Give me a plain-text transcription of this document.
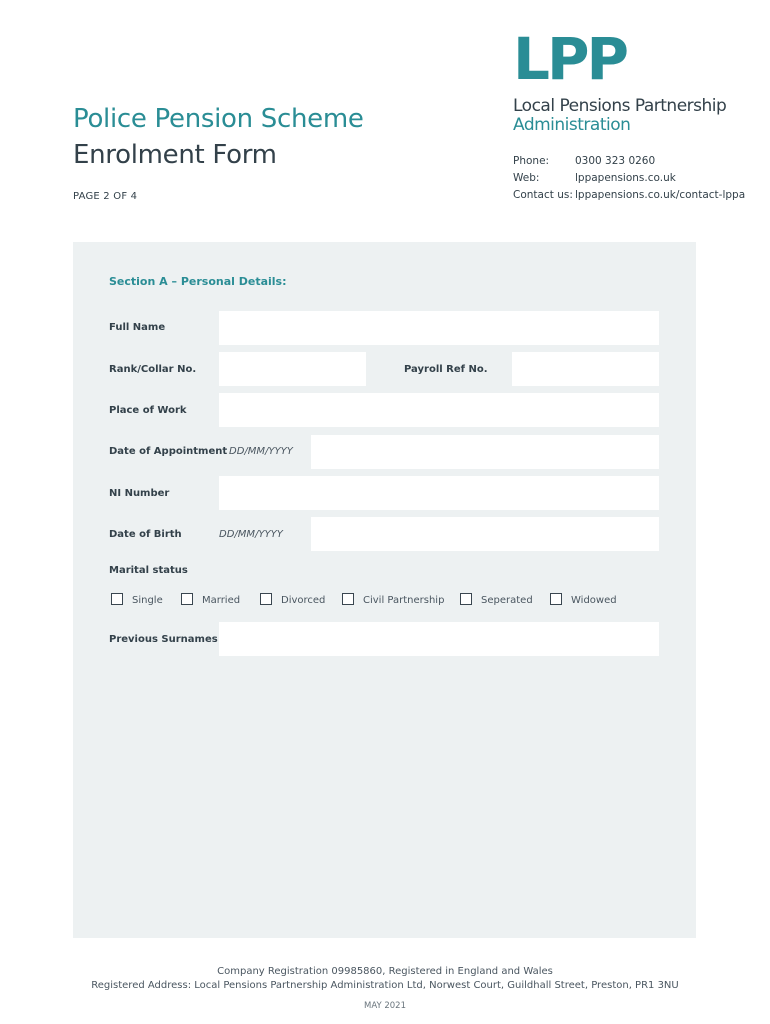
Police Pension Scheme
Enrolment Form
PAGE 2 OF 4
LPP
Local Pensions Partnership
Administration
Phone: 0300 323 0260
Web:	lppapensions.co.uk
Contact us: lppapensions.co.uk/contact-lppa
Section A – Personal Details:
Full Name
Rank/Collar No.	Payroll Ref No.
Place of Work
Date of Appointment DD/MM/YYYY
NI Number
Date of Birth	DD/MM/YYYY
Marital status
Single	Married	Divorced	Civil Partnership	Seperated	Widowed
Previous Surnames
Company Registration 09985860, Registered in England and Wales
Registered Address: Local Pensions Partnership Administration Ltd, Norwest Court, Guildhall Street, Preston, PR1 3NU
MAY 2021
